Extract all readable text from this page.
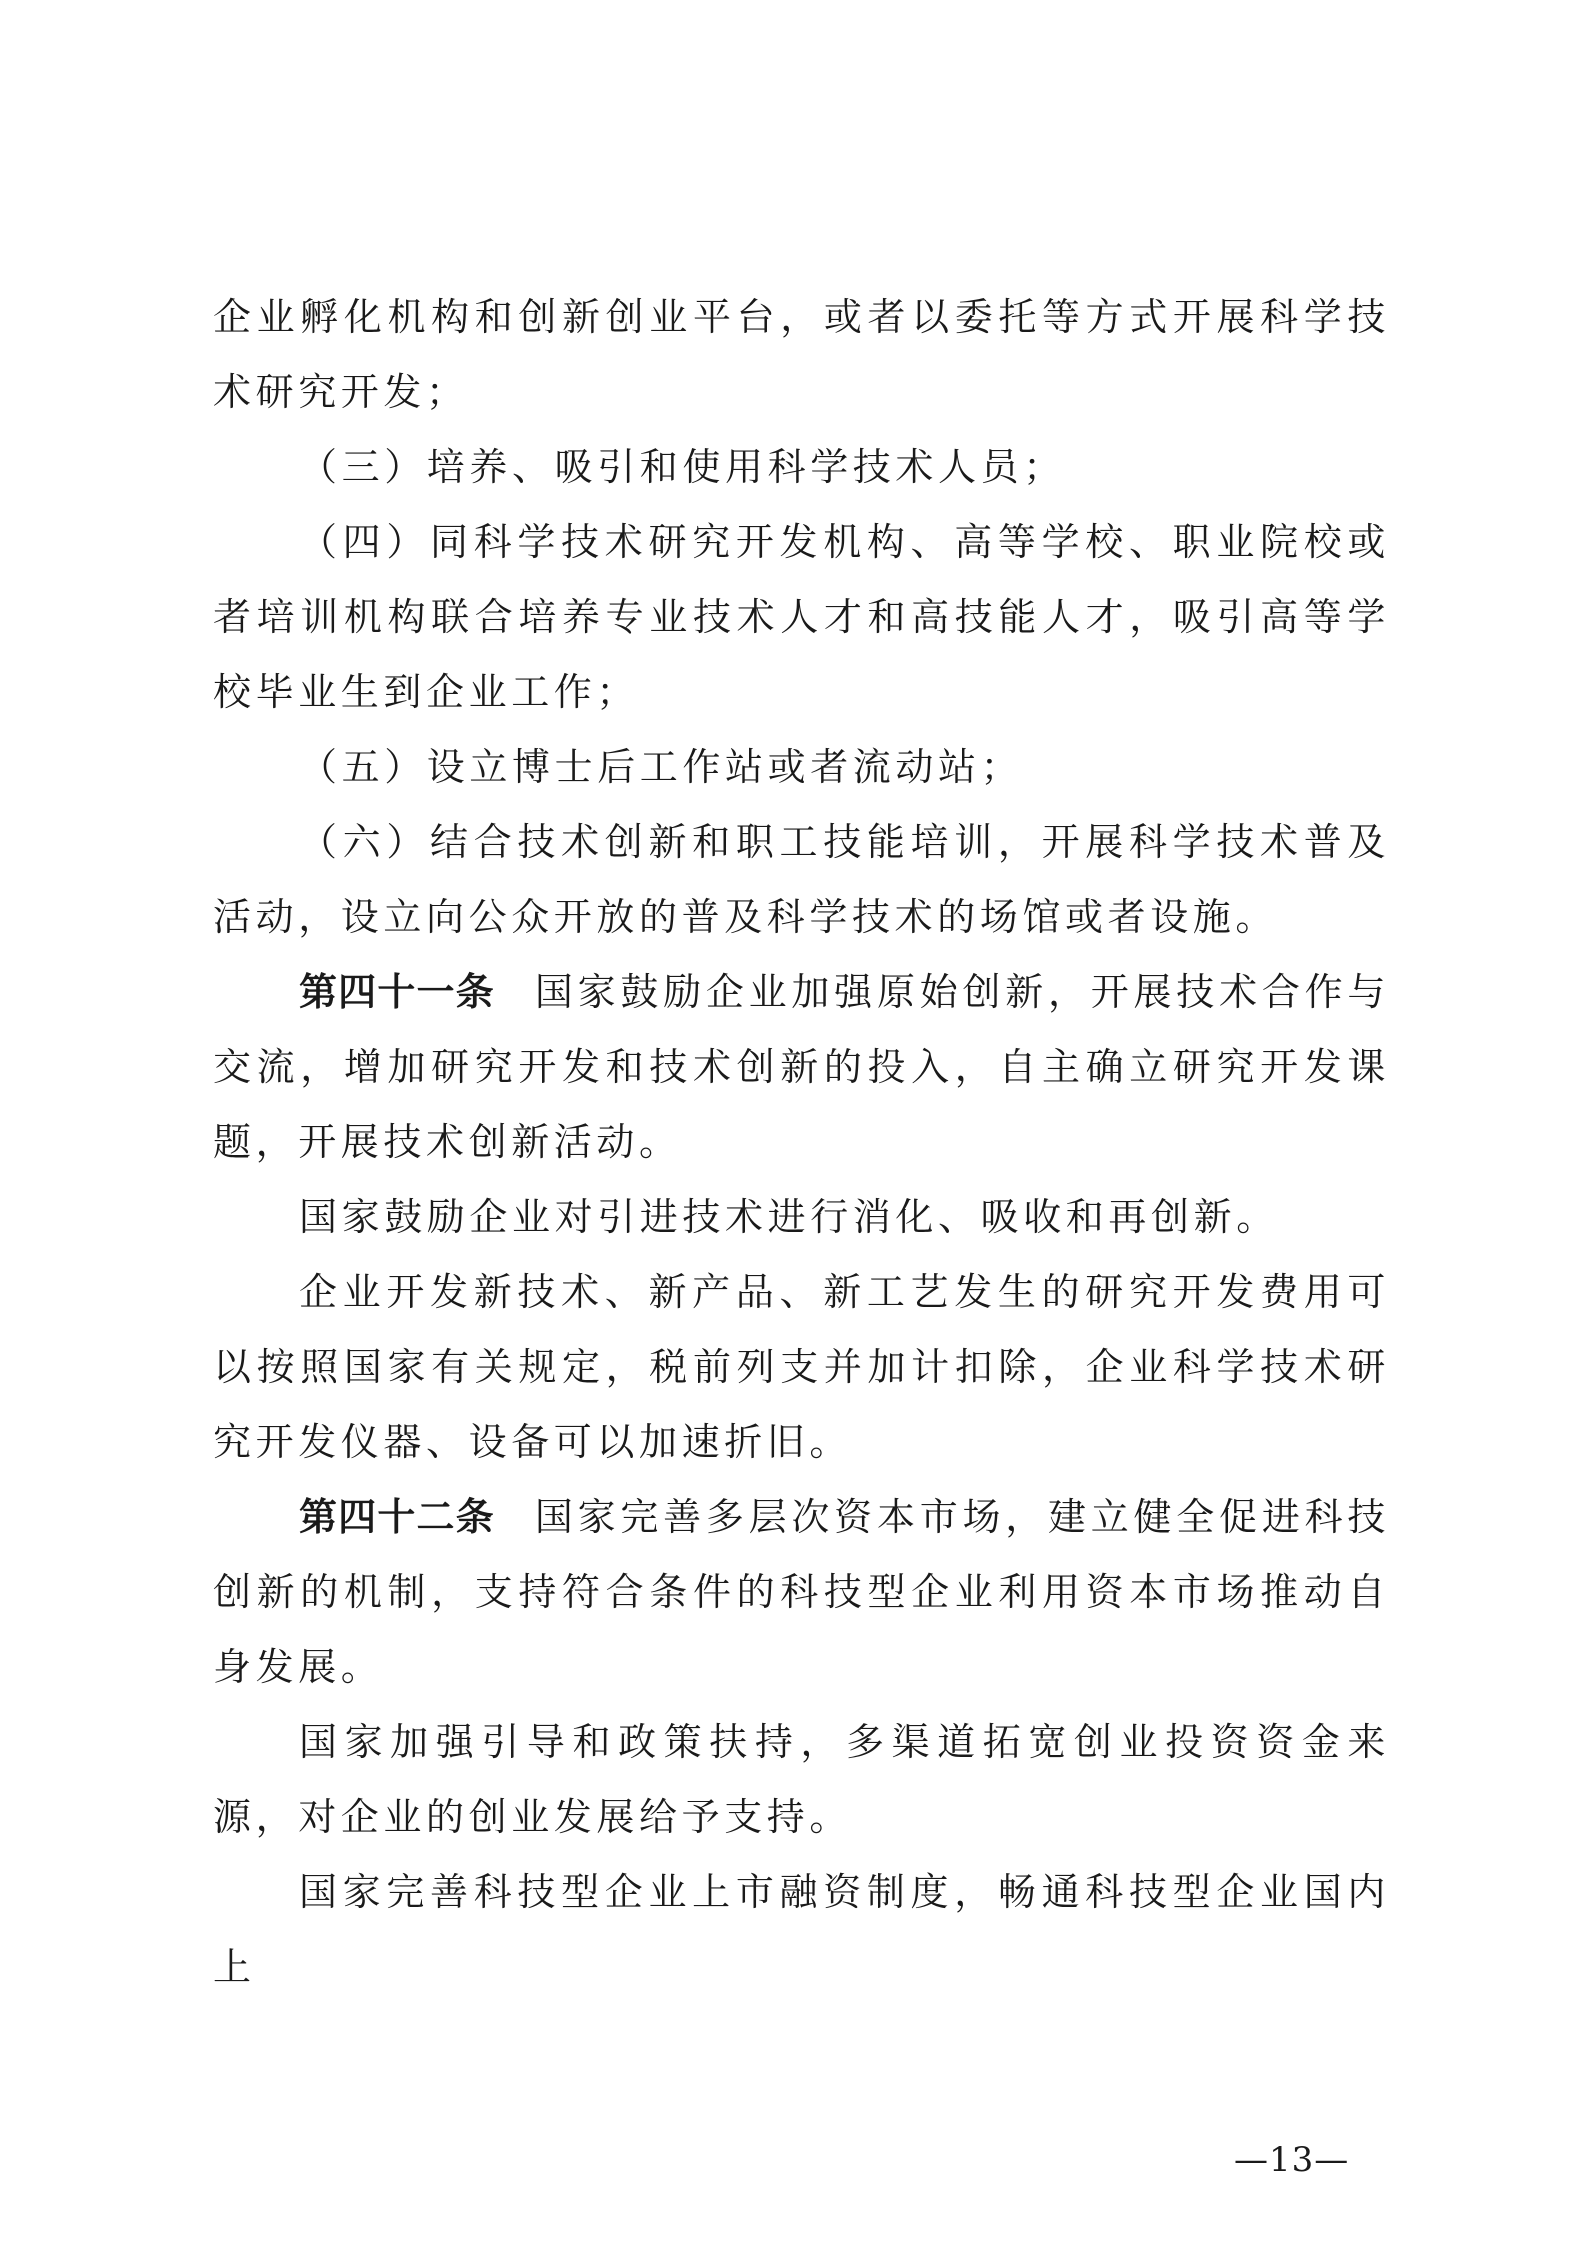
企业孵化机构和创新创业平台，或者以委托等方式开展科学技术研究开发；

（三）培养、吸引和使用科学技术人员；

（四）同科学技术研究开发机构、高等学校、职业院校或者培训机构联合培养专业技术人才和高技能人才，吸引高等学校毕业生到企业工作；

（五）设立博士后工作站或者流动站；

（六）结合技术创新和职工技能培训，开展科学技术普及活动，设立向公众开放的普及科学技术的场馆或者设施。

第四十一条 国家鼓励企业加强原始创新，开展技术合作与交流，增加研究开发和技术创新的投入，自主确立研究开发课题，开展技术创新活动。

国家鼓励企业对引进技术进行消化、吸收和再创新。

企业开发新技术、新产品、新工艺发生的研究开发费用可以按照国家有关规定，税前列支并加计扣除，企业科学技术研究开发仪器、设备可以加速折旧。

第四十二条 国家完善多层次资本市场，建立健全促进科技创新的机制，支持符合条件的科技型企业利用资本市场推动自身发展。

国家加强引导和政策扶持，多渠道拓宽创业投资资金来源，对企业的创业发展给予支持。

国家完善科技型企业上市融资制度，畅通科技型企业国内上

—13—
